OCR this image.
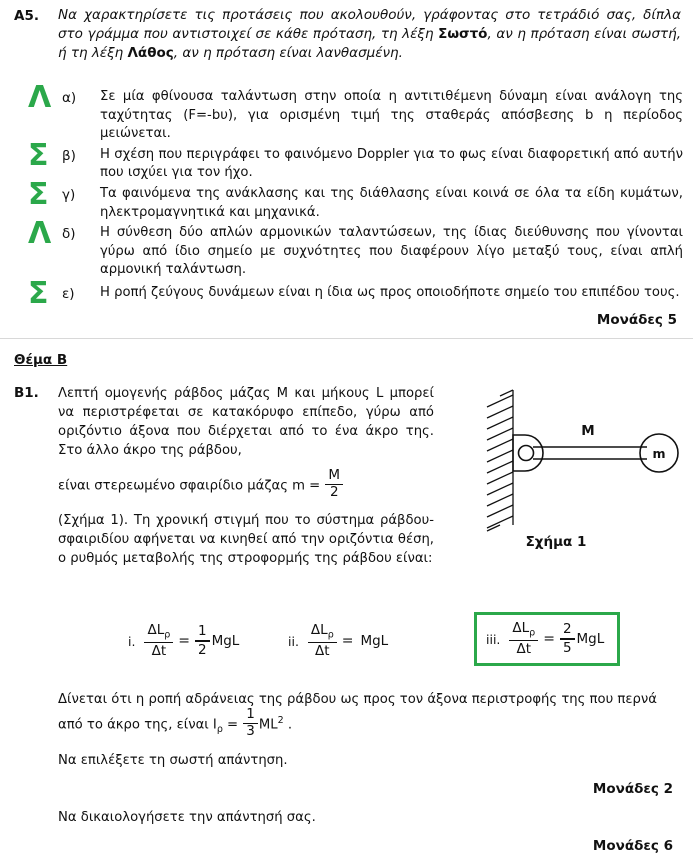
Α5.	Να χαρακτηρίσετε τις προτάσεις που ακολουθούν, γράφοντας στο τετράδιό σας, δίπλα στο γράμμα που αντιστοιχεί σε κάθε πρόταση, τη λέξη Σωστό, αν η πρόταση είναι σωστή, ή τη λέξη Λάθος, αν η πρόταση είναι λανθασμένη.
Λ α)	Σε μία φθίνουσα ταλάντωση στην οποία η αντιτιθέμενη δύναμη είναι ανάλογη της ταχύτητας (F=-bυ), για ορισμένη τιμή της σταθεράς απόσβεσης b η περίοδος μειώνεται.
Σ β)	Η σχέση που περιγράφει το φαινόμενο Doppler για το φως είναι διαφορετική από αυτήν που ισχύει για τον ήχο.
Σ γ)	Τα φαινόμενα της ανάκλασης και της διάθλασης είναι κοινά σε όλα τα είδη κυμάτων, ηλεκτρομαγνητικά και μηχανικά.
Λ δ)	Η σύνθεση δύο απλών αρμονικών ταλαντώσεων, της ίδιας διεύθυνσης που γίνονται γύρω από ίδιο σημείο με συχνότητες που διαφέρουν λίγο μεταξύ τους, είναι απλή αρμονική ταλάντωση.
Σ ε)	Η ροπή ζεύγους δυνάμεων είναι η ίδια ως προς οποιοδήποτε σημείο του επιπέδου τους.
Μονάδες 5
Θέμα Β
Β1.	Λεπτή ομογενής ράβδος μάζας Μ και μήκους L μπορεί να περιστρέφεται σε κατακόρυφο επίπεδο, γύρω από οριζόντιο άξονα που διέρχεται από το ένα άκρο της. Στο άλλο άκρο της ράβδου,

είναι στερεωμένο σφαιρίδιο μάζας $m = \frac{M}{2}$

(Σχήμα 1). Τη χρονική στιγμή που το σύστημα ράβδου-σφαιριδίου αφήνεται να κινηθεί από την οριζόντια θέση, ο ρυθμός μεταβολής της στροφορμής της ράβδου είναι:

Μ
m
Σχήμα 1
i. $\frac{\Delta L_\rho}{\Delta t} = \frac{1}{2}$ MgL	ii. $\frac{\Delta L_\rho}{\Delta t}$ = MgL	iii. $\frac{\Delta L_\rho}{\Delta t} = \frac{2}{5}$ MgL

Δίνεται ότι η ροπή αδράνειας της ράβδου ως προς τον άξονα περιστροφής της που περνά από το άκρο της, είναι $I_\rho = \frac{1}{3} ML^2$ .

Να επιλέξετε τη σωστή απάντηση.

Μονάδες 2

Να δικαιολογήσετε την απάντησή σας.

Μονάδες 6
